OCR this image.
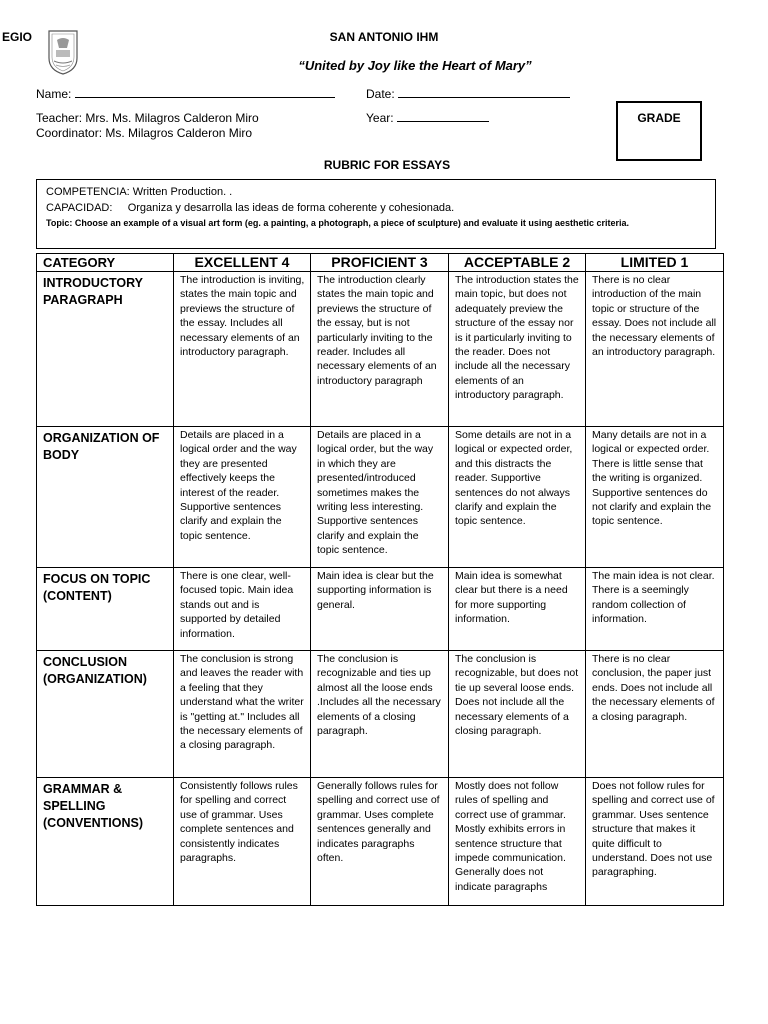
EGIO	SAN ANTONIO IHM
“United by Joy like the Heart of Mary”
Name:	Date:
Teacher: Mrs. Ms. Milagros Calderon Miro
Coordinator: Ms. Milagros Calderon Miro
Year:	GRADE
RUBRIC FOR ESSAYS
COMPETENCIA: Written Production. .
CAPACIDAD: Organiza y desarrolla las ideas de forma coherente y cohesionada.
Topic: Choose an example of a visual art form (eg. a painting, a photograph, a piece of sculpture) and evaluate it using aesthetic criteria.
CATEGORY	EXCELLENT 4	PROFICIENT 3	ACCEPTABLE 2	LIMITED 1
INTRODUCTORY PARAGRAPH	The introduction is inviting, states the main topic and previews the structure of the essay. Includes all necessary elements of an introductory paragraph.	The introduction clearly states the main topic and previews the structure of the essay, but is not particularly inviting to the reader. Includes all necessary elements of an introductory paragraph	The introduction states the main topic, but does not adequately preview the structure of the essay nor is it particularly inviting to the reader. Does not include all the necessary elements of an introductory paragraph.	There is no clear introduction of the main topic or structure of the essay. Does not include all the necessary elements of an introductory paragraph.
ORGANIZATION OF BODY	Details are placed in a logical order and the way they are presented effectively keeps the interest of the reader. Supportive sentences clarify and explain the topic sentence.	Details are placed in a logical order, but the way in which they are presented/introduced sometimes makes the writing less interesting. Supportive sentences clarify and explain the topic sentence.	Some details are not in a logical or expected order, and this distracts the reader. Supportive sentences do not always clarify and explain the topic sentence.	Many details are not in a logical or expected order. There is little sense that the writing is organized. Supportive sentences do not clarify and explain the topic sentence.
FOCUS ON TOPIC (CONTENT)	There is one clear, well-focused topic. Main idea stands out and is supported by detailed information.	Main idea is clear but the supporting information is general.	Main idea is somewhat clear but there is a need for more supporting information.	The main idea is not clear. There is a seemingly random collection of information.
CONCLUSION (ORGANIZATION)	The conclusion is strong and leaves the reader with a feeling that they understand what the writer is "getting at." Includes all the necessary elements of a closing paragraph.	The conclusion is recognizable and ties up almost all the loose ends .Includes all the necessary elements of a closing paragraph.	The conclusion is recognizable, but does not tie up several loose ends. Does not include all the necessary elements of a closing paragraph.	There is no clear conclusion, the paper just ends. Does not include all the necessary elements of a closing paragraph.
GRAMMAR & SPELLING (CONVENTIONS)	Consistently follows rules for spelling and correct use of grammar. Uses complete sentences and consistently indicates paragraphs.	Generally follows rules for spelling and correct use of grammar. Uses complete sentences generally and indicates paragraphs often.	Mostly does not follow rules of spelling and correct use of grammar. Mostly exhibits errors in sentence structure that impede communication. Generally does not indicate paragraphs	Does not follow rules for spelling and correct use of grammar. Uses sentence structure that makes it quite difficult to understand. Does not use paragraphing.
